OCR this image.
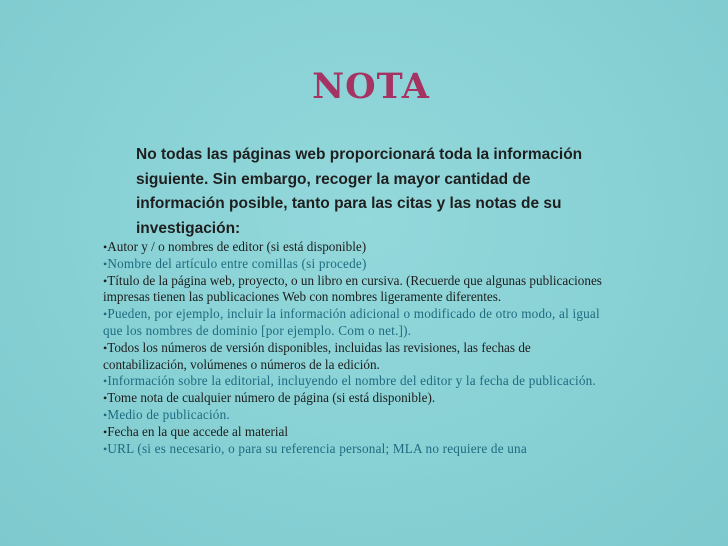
NOTA
No todas las páginas web proporcionará toda la información siguiente. Sin embargo, recoger la mayor cantidad de información posible, tanto para las citas y las notas de su investigación:
•Autor y / o nombres de editor (si está disponible)
•Nombre del artículo entre comillas (si procede)
•Título de la página web, proyecto, o un libro en cursiva. (Recuerde que algunas publicaciones impresas tienen las publicaciones Web con nombres ligeramente diferentes.
•Pueden, por ejemplo, incluir la información adicional o modificado de otro modo, al igual que los nombres de dominio [por ejemplo. Com o net.]).
•Todos los números de versión disponibles, incluidas las revisiones, las fechas de contabilización, volúmenes o números de la edición.
•Información sobre la editorial, incluyendo el nombre del editor y la fecha de publicación.
•Tome nota de cualquier número de página (si está disponible).
•Medio de publicación.
•Fecha en la que accede al material
•URL (si es necesario, o para su referencia personal; MLA no requiere de una
